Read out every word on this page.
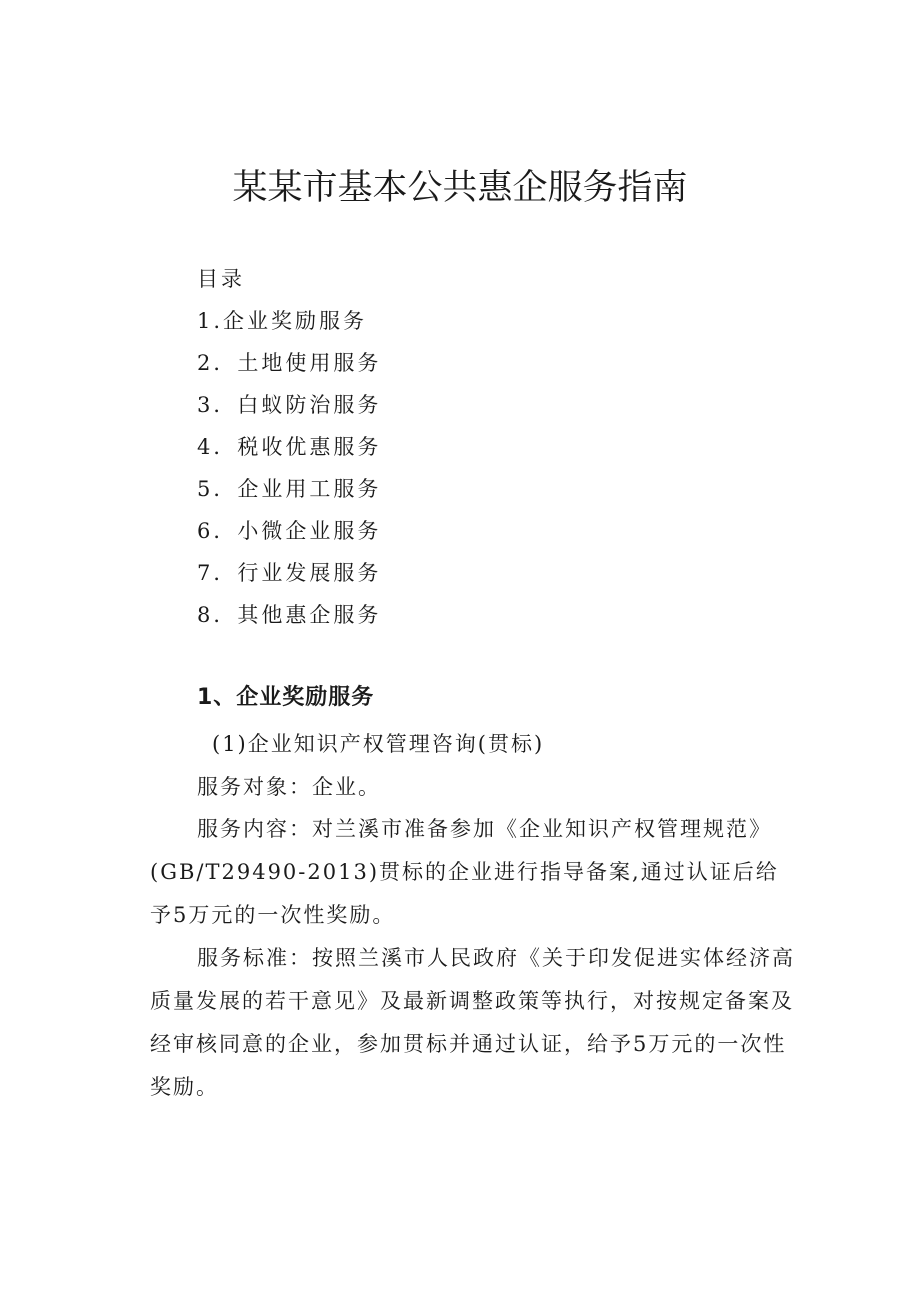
某某市基本公共惠企服务指南
目录
1.企业奖励服务
2．土地使用服务
3．白蚁防治服务
4．税收优惠服务
5．企业用工服务
6．小微企业服务
7．行业发展服务
8．其他惠企服务
1、企业奖励服务
(1)企业知识产权管理咨询(贯标)

服务对象：企业。

服务内容：对兰溪市准备参加《企业知识产权管理规范》(GB/T29490-2013)贯标的企业进行指导备案,通过认证后给予5万元的一次性奖励。

服务标准：按照兰溪市人民政府《关于印发促进实体经济高质量发展的若干意见》及最新调整政策等执行，对按规定备案及经审核同意的企业，参加贯标并通过认证，给予5万元的一次性奖励。
